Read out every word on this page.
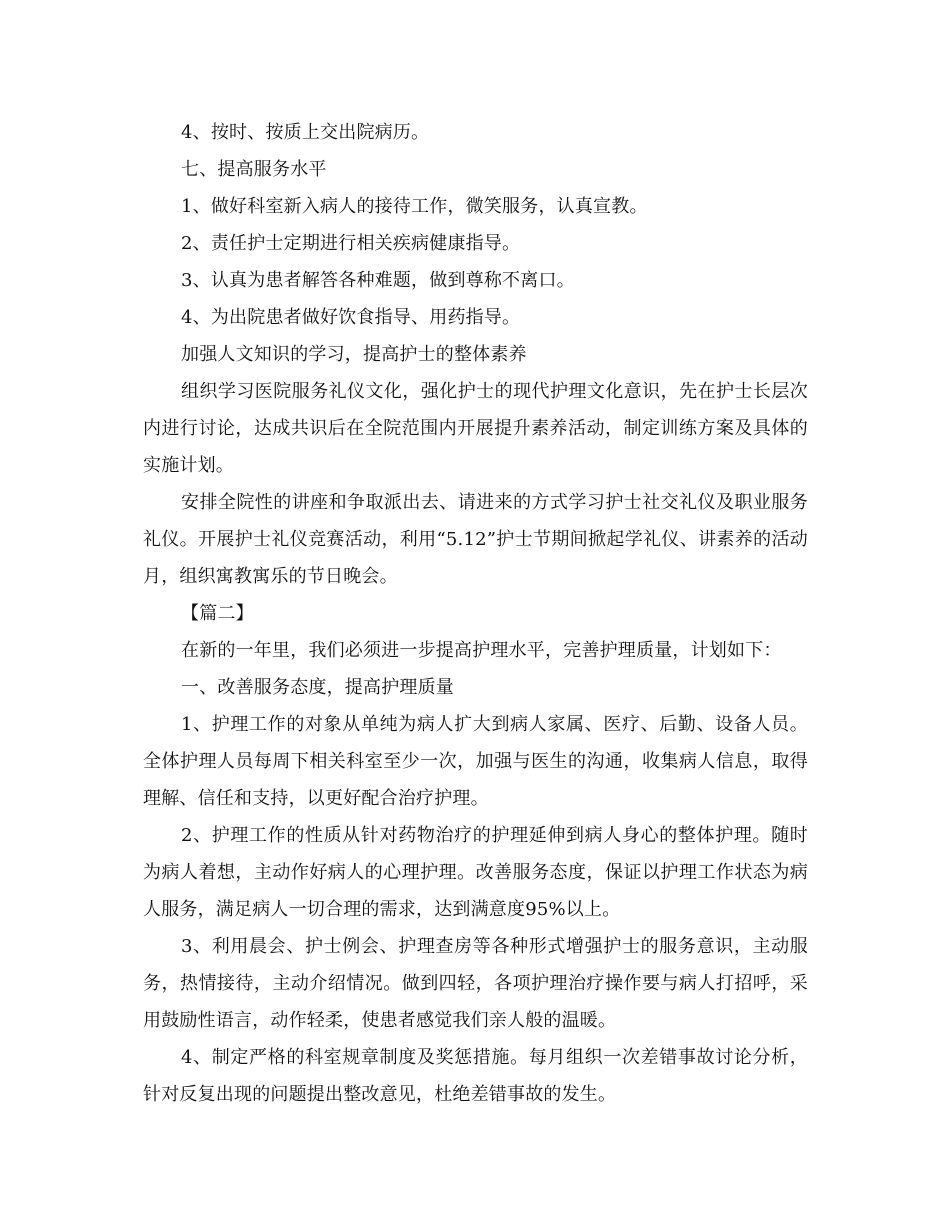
4、按时、按质上交出院病历。

七、提高服务水平

1、做好科室新入病人的接待工作，微笑服务，认真宣教。

2、责任护士定期进行相关疾病健康指导。

3、认真为患者解答各种难题，做到尊称不离口。

4、为出院患者做好饮食指导、用药指导。

加强人文知识的学习，提高护士的整体素养

组织学习医院服务礼仪文化，强化护士的现代护理文化意识，先在护士长层次内进行讨论，达成共识后在全院范围内开展提升素养活动，制定训练方案及具体的实施计划。

安排全院性的讲座和争取派出去、请进来的方式学习护士社交礼仪及职业服务礼仪。开展护士礼仪竞赛活动，利用“5.12”护士节期间掀起学礼仪、讲素养的活动月，组织寓教寓乐的节日晚会。

【篇二】

在新的一年里，我们必须进一步提高护理水平，完善护理质量，计划如下：

一、改善服务态度，提高护理质量

1、护理工作的对象从单纯为病人扩大到病人家属、医疗、后勤、设备人员。全体护理人员每周下相关科室至少一次，加强与医生的沟通，收集病人信息，取得理解、信任和支持，以更好配合治疗护理。

2、护理工作的性质从针对药物治疗的护理延伸到病人身心的整体护理。随时为病人着想，主动作好病人的心理护理。改善服务态度，保证以护理工作状态为病人服务，满足病人一切合理的需求，达到满意度95%以上。

3、利用晨会、护士例会、护理查房等各种形式增强护士的服务意识，主动服务，热情接待，主动介绍情况。做到四轻，各项护理治疗操作要与病人打招呼，采用鼓励性语言，动作轻柔，使患者感觉我们亲人般的温暖。

4、制定严格的科室规章制度及奖惩措施。每月组织一次差错事故讨论分析，针对反复出现的问题提出整改意见，杜绝差错事故的发生。
